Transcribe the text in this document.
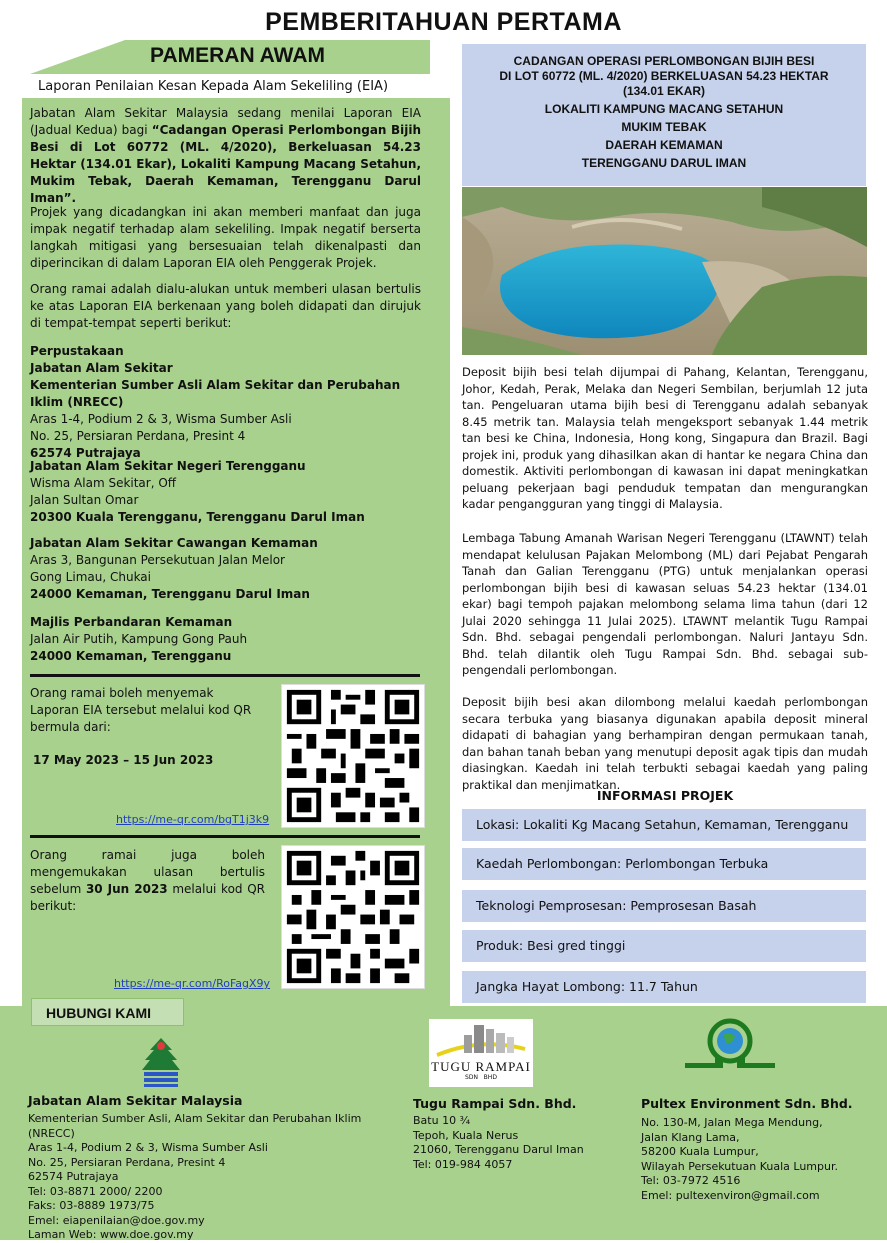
PEMBERITAHUAN PERTAMA
PAMERAN AWAM
Laporan Penilaian Kesan Kepada Alam Sekeliling (EIA)
Jabatan Alam Sekitar Malaysia sedang menilai Laporan EIA (Jadual Kedua) bagi “Cadangan Operasi Perlombongan Bijih Besi di Lot 60772 (ML. 4/2020), Berkeluasan 54.23 Hektar (134.01 Ekar), Lokaliti Kampung Macang Setahun, Mukim Tebak, Daerah Kemaman, Terengganu Darul Iman”.
Projek yang dicadangkan ini akan memberi manfaat dan juga impak negatif terhadap alam sekeliling. Impak negatif berserta langkah mitigasi yang bersesuaian telah dikenalpasti dan diperincikan di dalam Laporan EIA oleh Penggerak Projek.
Orang ramai adalah dialu-alukan untuk memberi ulasan bertulis ke atas Laporan EIA berkenaan yang boleh didapati dan dirujuk di tempat-tempat seperti berikut:
Perpustakaan
Jabatan Alam Sekitar
Kementerian Sumber Asli Alam Sekitar dan Perubahan Iklim (NRECC)
Aras 1-4, Podium 2 & 3, Wisma Sumber Asli
No. 25, Persiaran Perdana, Presint 4
62574 Putrajaya
Jabatan Alam Sekitar Negeri Terengganu
Wisma Alam Sekitar, Off
Jalan Sultan Omar
20300 Kuala Terengganu, Terengganu Darul Iman
Jabatan Alam Sekitar Cawangan Kemaman
Aras 3, Bangunan Persekutuan Jalan Melor
Gong Limau, Chukai
24000 Kemaman, Terengganu Darul Iman
Majlis Perbandaran Kemaman
Jalan Air Putih, Kampung Gong Pauh
24000 Kemaman, Terengganu
Orang ramai boleh menyemak Laporan EIA tersebut melalui kod QR bermula dari:
17 May 2023 – 15 Jun 2023
https://me-qr.com/bgT1j3k9
Orang ramai juga boleh mengemukakan ulasan bertulis sebelum 30 Jun 2023 melalui kod QR berikut:
https://me-qr.com/RoFagX9y
CADANGAN OPERASI PERLOMBONGAN BIJIH BESI
DI LOT 60772 (ML. 4/2020) BERKELUASAN 54.23 HEKTAR
(134.01 EKAR)
LOKALITI KAMPUNG MACANG SETAHUN
MUKIM TEBAK
DAERAH KEMAMAN
TERENGGANU DARUL IMAN
Deposit bijih besi telah dijumpai di Pahang, Kelantan, Terengganu, Johor, Kedah, Perak, Melaka dan Negeri Sembilan, berjumlah 12 juta tan. Pengeluaran utama bijih besi di Terengganu adalah sebanyak 8.45 metrik tan. Malaysia telah mengeksport sebanyak 1.44 metrik tan besi ke China, Indonesia, Hong kong, Singapura dan Brazil. Bagi projek ini, produk yang dihasilkan akan di hantar ke negara China dan domestik. Aktiviti perlombongan di kawasan ini dapat meningkatkan peluang pekerjaan bagi penduduk tempatan dan mengurangkan kadar pengangguran yang tinggi di Malaysia.
Lembaga Tabung Amanah Warisan Negeri Terengganu (LTAWNT) telah mendapat kelulusan Pajakan Melombong (ML) dari Pejabat Pengarah Tanah dan Galian Terengganu (PTG) untuk menjalankan operasi perlombongan bijih besi di kawasan seluas 54.23 hektar (134.01 ekar) bagi tempoh pajakan melombong selama lima tahun (dari 12 Julai 2020 sehingga 11 Julai 2025). LTAWNT melantik Tugu Rampai Sdn. Bhd. sebagai pengendali perlombongan. Naluri Jantayu Sdn. Bhd. telah dilantik oleh Tugu Rampai Sdn. Bhd. sebagai sub-pengendali perlombongan.
Deposit bijih besi akan dilombong melalui kaedah perlombongan secara terbuka yang biasanya digunakan apabila deposit mineral didapati di bahagian yang berhampiran dengan permukaan tanah, dan bahan tanah beban yang menutupi deposit agak tipis dan mudah diasingkan. Kaedah ini telah terbukti sebagai kaedah yang paling praktikal dan menjimatkan.
INFORMASI PROJEK
Lokasi: Lokaliti Kg Macang Setahun, Kemaman, Terengganu
Kaedah Perlombongan: Perlombongan Terbuka
Teknologi Pemprosesan: Pemprosesan Basah
Produk: Besi gred tinggi
Jangka Hayat Lombong: 11.7 Tahun
HUBUNGI KAMI
Jabatan Alam Sekitar Malaysia
Kementerian Sumber Asli, Alam Sekitar dan Perubahan Iklim (NRECC)
Aras 1-4, Podium 2 & 3, Wisma Sumber Asli
No. 25, Persiaran Perdana, Presint 4
62574 Putrajaya
Tel: 03-8871 2000/ 2200
Faks: 03-8889 1973/75
Emel: eiapenilaian@doe.gov.my
Laman Web: www.doe.gov.my
TUGU RAMPAI
SDN   BHD
Tugu Rampai Sdn. Bhd.
Batu 10 ¾
Tepoh, Kuala Nerus
21060, Terengganu Darul Iman
Tel: 019-984 4057
Pultex Environment Sdn. Bhd.
No. 130-M, Jalan Mega Mendung,
Jalan Klang Lama,
58200 Kuala Lumpur,
Wilayah Persekutuan Kuala Lumpur.
Tel: 03-7972 4516
Emel: pultexenviron@gmail.com
